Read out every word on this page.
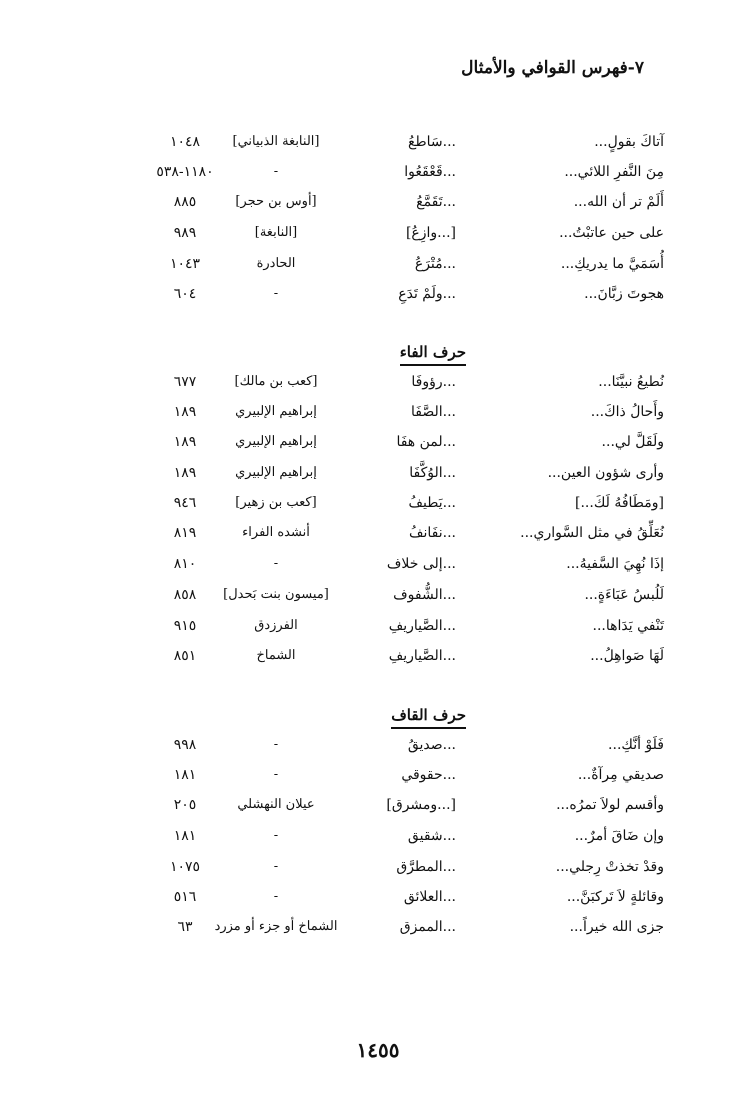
٧-فهرس القوافي والأمثال
آتاكَ بقولٍ...
...سَاطعُ
[النابغة الذبياني]
١٠٤٨
مِنَ النَّفرِ اللائي...
...قَعْقَعُوا
-
١١٨٠-٥٣٨
أَلَمْ تر أن الله...
...تَقَمَّعُ
[أوس بن حجر]
٨٨٥
على حين عاتبْتُ...
[...وازِعُ]
[النابغة]
٩٨٩
أُسَمَيَّ ما يدريكِ...
...مُتْرَعُ
الحادرة
١٠٤٣
هجوتَ زبَّانَ...
...ولَمْ تَدَعِ
-
٦٠٤
حرف الفاء
نُطيعُ نبيَّنَا...
...رؤوفَا
[كعب بن مالك]
٦٧٧
وأَحالُ ذاكَ...
...الصَّفَا
إبراهيم الإلبيري
١٨٩
ولَقَلَّ لي...
...لمن هفَا
إبراهيم الإلبيري
١٨٩
وأرى شؤون العين...
...الوُكَّفَا
إبراهيم الإلبيري
١٨٩
[ومَطَافُهُ لَكَ...]
...يَطيفُ
[كعب بن زهير]
٩٤٦
نُعَلِّقُ في مثل السَّواري...
...نفَانفُ
أنشده الفراء
٨١٩
إذَا نُهِيَ السَّفيهُ...
...إلى خلاف
-
٨١٠
لَلُبسُ عَبَاءَةٍ...
...الشُّفوف
[ميسون بنت بَحدل]
٨٥٨
تَنْفي يَدَاها...
...الصَّياريفِ
الفرزدق
٩١٥
لَهَا صَواهِلُ...
...الصَّياريفِ
الشماخ
٨٥١
حرف القاف
فَلَوْ أنَّكِ...
...صديقُ
-
٩٩٨
صديقي مِرآةٌ...
...حقوقي
-
١٨١
وأقسم لولاَ تمرُه...
[...ومشرق]
عيلان النهشلي
٢٠٥
وإن ضَاقَ أمرٌ...
...شقيق
-
١٨١
وقدْ تخذتْ رِجلي...
...المطرَّق
-
١٠٧٥
وقائلةٍ لاَ تَركبَنَّ...
...العلائق
-
٥١٦
جزى الله خيراً...
...الممزق
الشماخ أو جزء أو مزرد
٦٣
١٤٥٥
